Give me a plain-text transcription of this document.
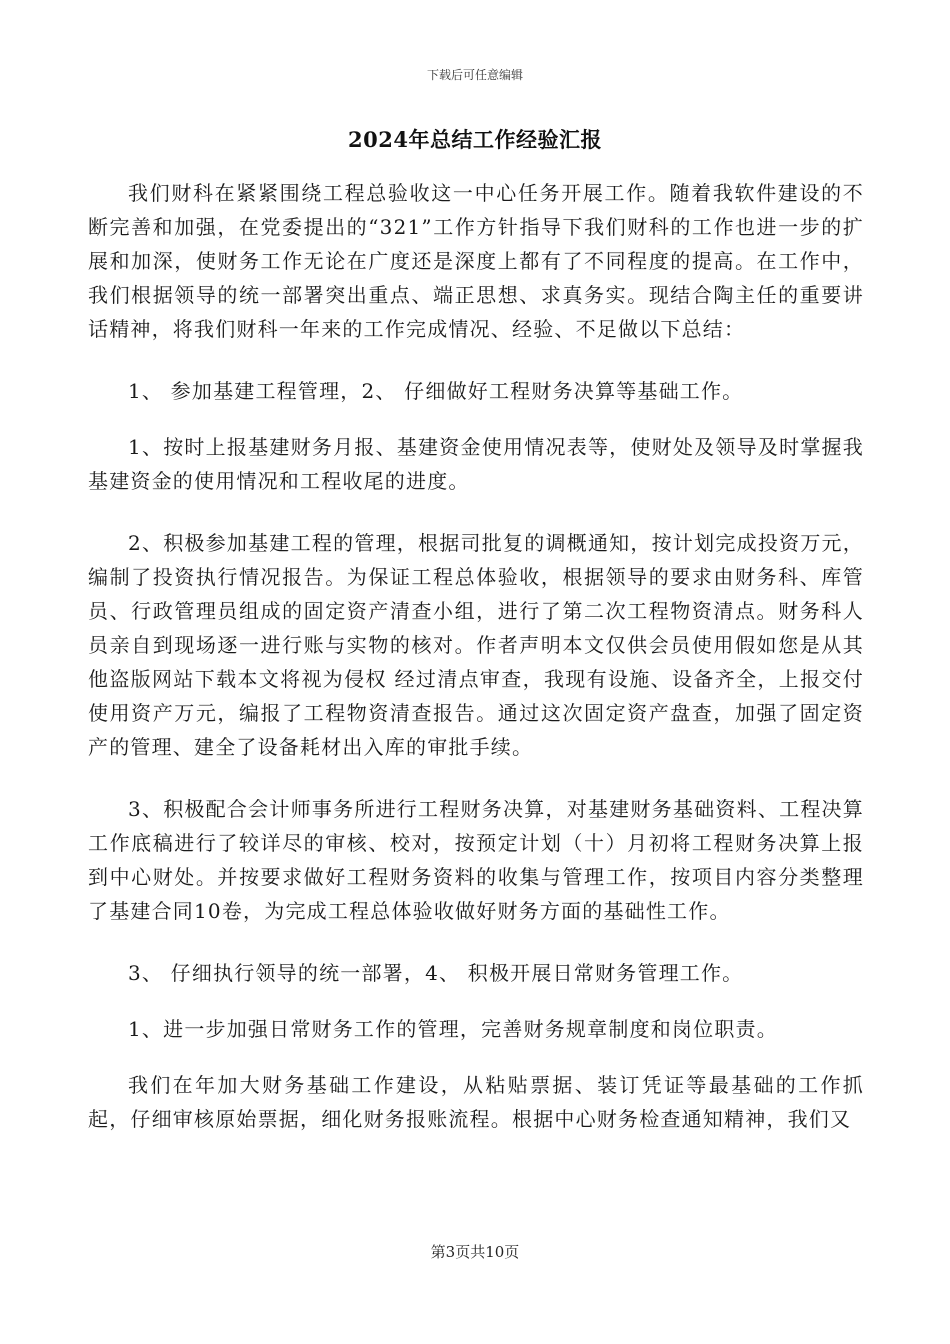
下载后可任意编辑
2024年总结工作经验汇报

我们财科在紧紧围绕工程总验收这一中心任务开展工作。随着我软件建设的不断完善和加强，在党委提出的“321”工作方针指导下我们财科的工作也进一步的扩展和加深，使财务工作无论在广度还是深度上都有了不同程度的提高。在工作中，我们根据领导的统一部署突出重点、端正思想、求真务实。现结合陶主任的重要讲话精神，将我们财科一年来的工作完成情况、经验、不足做以下总结：

1、 参加基建工程管理，2、 仔细做好工程财务决算等基础工作。

1、按时上报基建财务月报、基建资金使用情况表等，使财处及领导及时掌握我基建资金的使用情况和工程收尾的进度。

2、积极参加基建工程的管理，根据司批复的调概通知，按计划完成投资万元，编制了投资执行情况报告。为保证工程总体验收，根据领导的要求由财务科、库管员、行政管理员组成的固定资产清查小组，进行了第二次工程物资清点。财务科人员亲自到现场逐一进行账与实物的核对。作者声明本文仅供会员使用假如您是从其他盗版网站下载本文将视为侵权 经过清点审查，我现有设施、设备齐全，上报交付使用资产万元，编报了工程物资清查报告。通过这次固定资产盘查，加强了固定资产的管理、建全了设备耗材出入库的审批手续。

3、积极配合会计师事务所进行工程财务决算，对基建财务基础资料、工程决算工作底稿进行了较详尽的审核、校对，按预定计划（十）月初将工程财务决算上报到中心财处。并按要求做好工程财务资料的收集与管理工作，按项目内容分类整理了基建合同10卷，为完成工程总体验收做好财务方面的基础性工作。

3、 仔细执行领导的统一部署，4、 积极开展日常财务管理工作。

1、进一步加强日常财务工作的管理，完善财务规章制度和岗位职责。

我们在年加大财务基础工作建设，从粘贴票据、装订凭证等最基础的工作抓起，仔细审核原始票据，细化财务报账流程。根据中心财务检查通知精神，我们又

第3页共10页
